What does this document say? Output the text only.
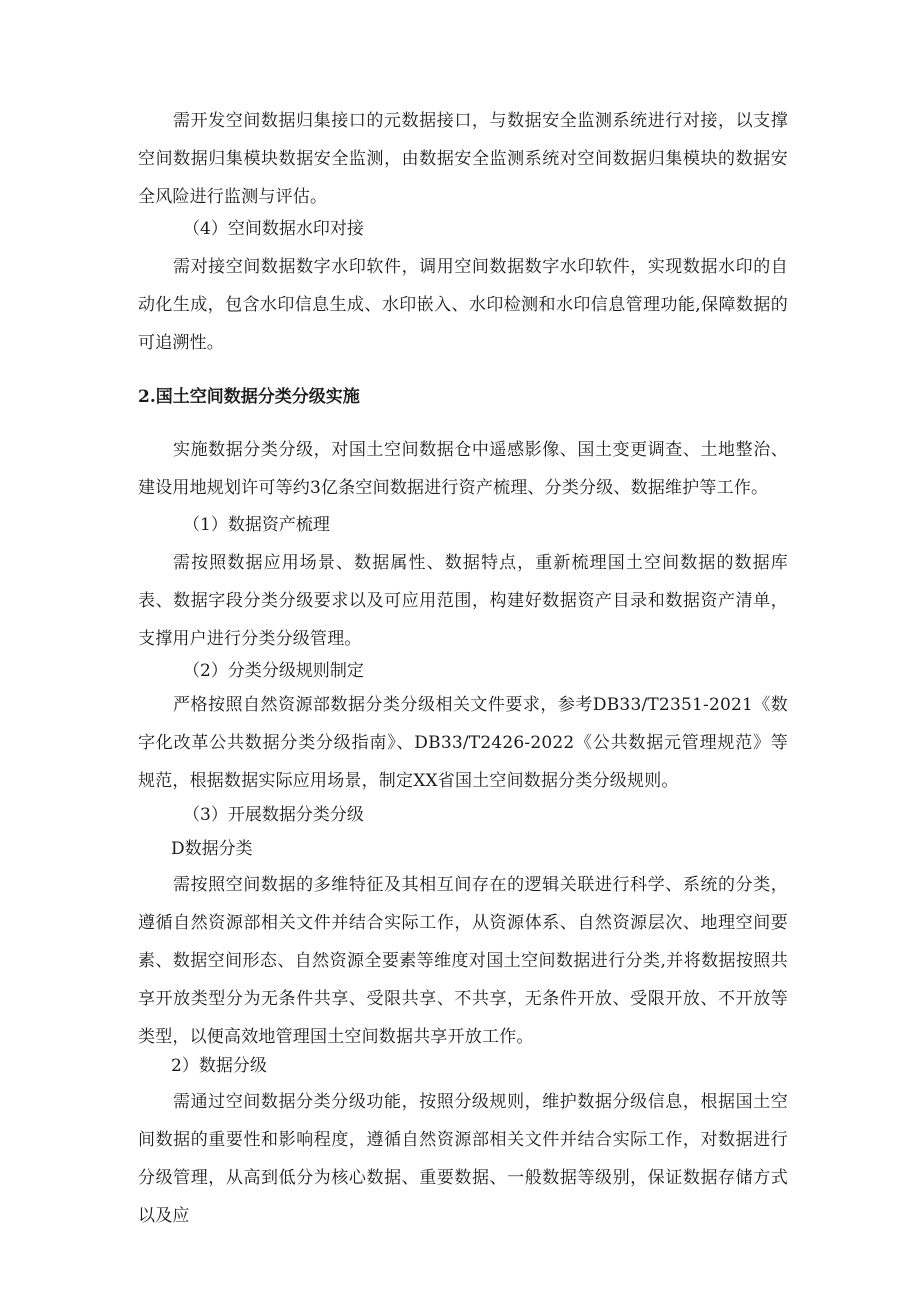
需开发空间数据归集接口的元数据接口，与数据安全监测系统进行对接，以支撑空间数据归集模块数据安全监测，由数据安全监测系统对空间数据归集模块的数据安全风险进行监测与评估。

（4）空间数据水印对接

需对接空间数据数字水印软件，调用空间数据数字水印软件，实现数据水印的自动化生成，包含水印信息生成、水印嵌入、水印检测和水印信息管理功能,保障数据的可追溯性。

2.国土空间数据分类分级实施

实施数据分类分级，对国土空间数据仓中遥感影像、国土变更调查、土地整治、建设用地规划许可等约3亿条空间数据进行资产梳理、分类分级、数据维护等工作。

（1）数据资产梳理

需按照数据应用场景、数据属性、数据特点，重新梳理国土空间数据的数据库表、数据字段分类分级要求以及可应用范围，构建好数据资产目录和数据资产清单，支撑用户进行分类分级管理。

（2）分类分级规则制定

严格按照自然资源部数据分类分级相关文件要求，参考DB33/T2351-2021《数字化改革公共数据分类分级指南》、DB33/T2426-2022《公共数据元管理规范》等规范，根据数据实际应用场景，制定XX省国土空间数据分类分级规则。

（3）开展数据分类分级

D数据分类

需按照空间数据的多维特征及其相互间存在的逻辑关联进行科学、系统的分类，遵循自然资源部相关文件并结合实际工作，从资源体系、自然资源层次、地理空间要素、数据空间形态、自然资源全要素等维度对国土空间数据进行分类,并将数据按照共享开放类型分为无条件共享、受限共享、不共享，无条件开放、受限开放、不开放等类型，以便高效地管理国土空间数据共享开放工作。

2）数据分级

需通过空间数据分类分级功能，按照分级规则，维护数据分级信息，根据国土空间数据的重要性和影响程度，遵循自然资源部相关文件并结合实际工作，对数据进行分级管理，从高到低分为核心数据、重要数据、一般数据等级别，保证数据存储方式以及应
